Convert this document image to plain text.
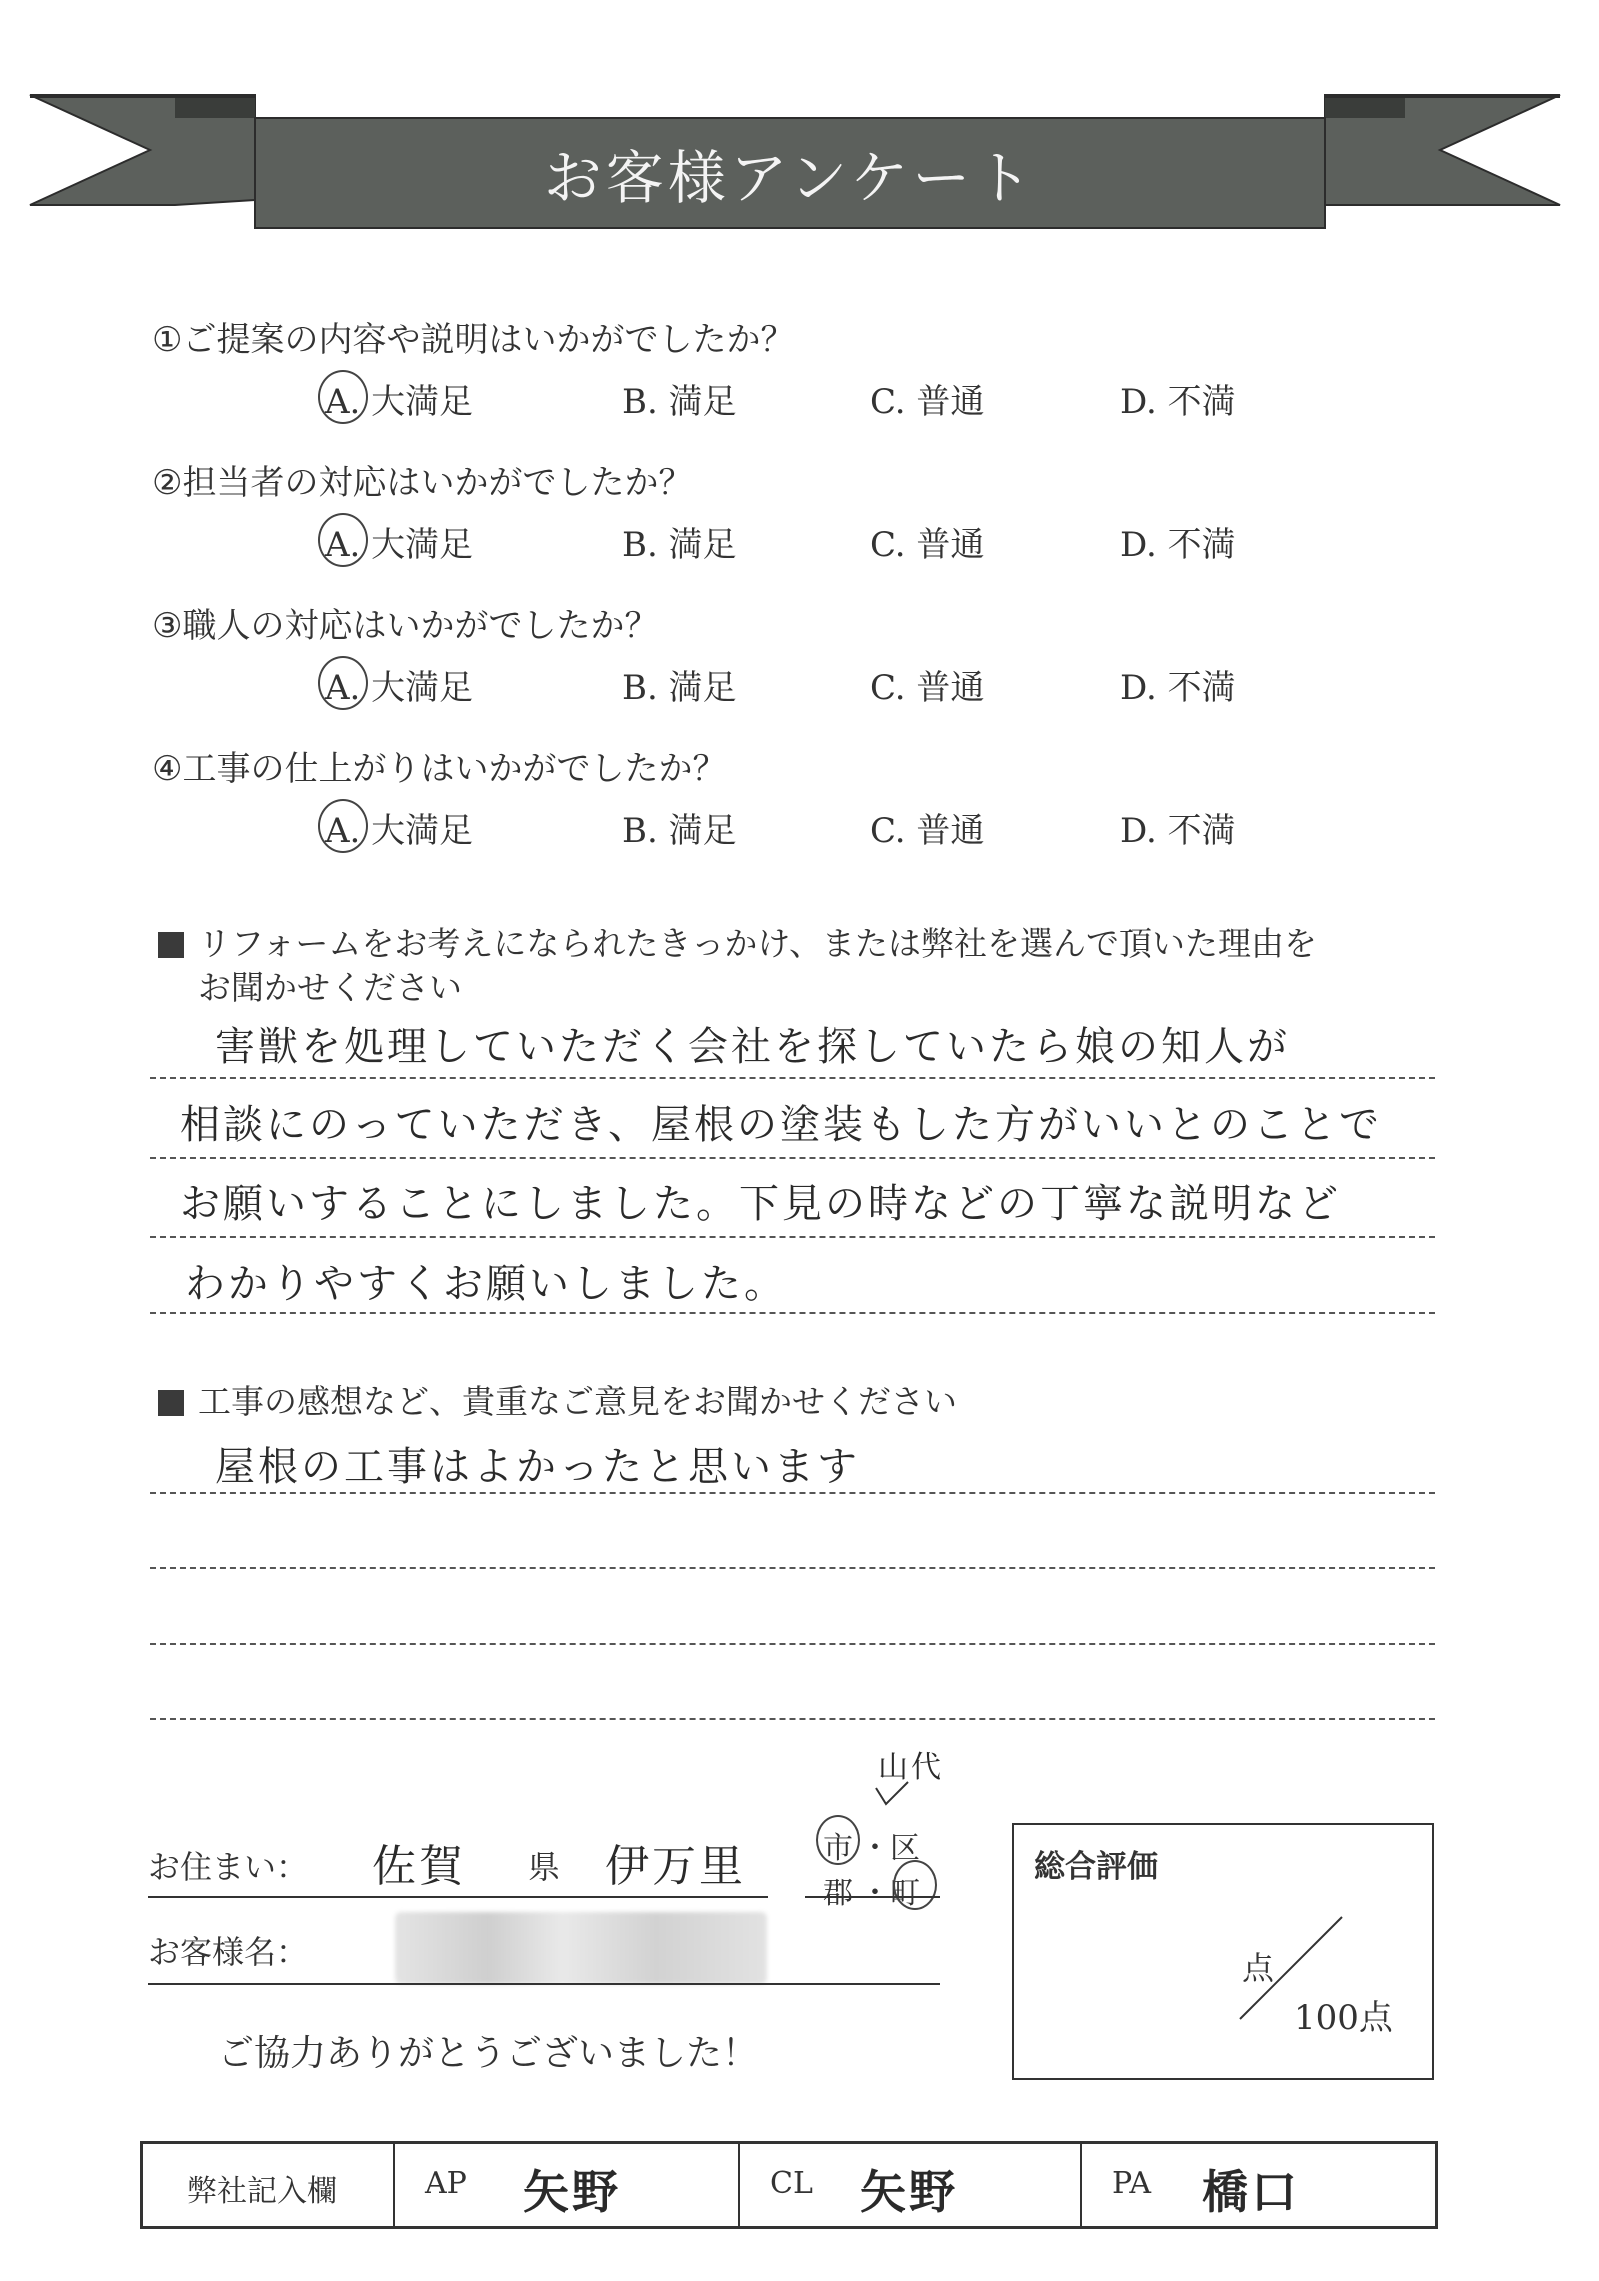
お客様アンケート
①ご提案の内容や説明はいかがでしたか？
A. 大満足	B. 満足	C. 普通	D. 不満
②担当者の対応はいかがでしたか？
A. 大満足	B. 満足	C. 普通	D. 不満
③職人の対応はいかがでしたか？
A. 大満足	B. 満足	C. 普通	D. 不満
④工事の仕上がりはいかがでしたか？
A. 大満足	B. 満足	C. 普通	D. 不満
リフォームをお考えになられたきっかけ、または弊社を選んで頂いた理由を
お聞かせください
害獣を処理していただく会社を探していたら娘の知人が
相談にのっていただき、屋根の塗装もした方がいいとのことで
お願いすることにしました。下見の時などの丁寧な説明など
わかりやすくお願いしました。
工事の感想など、貴重なご意見をお聞かせください
屋根の工事はよかったと思います
お住まい： 佐賀 県 伊万里	市 ・区
郡 ・町
山代
お客様名：
ご協力ありがとうございました！
総合評価
点
100点
弊社記入欄	AP 矢野	CL 矢野	PA 橋口
